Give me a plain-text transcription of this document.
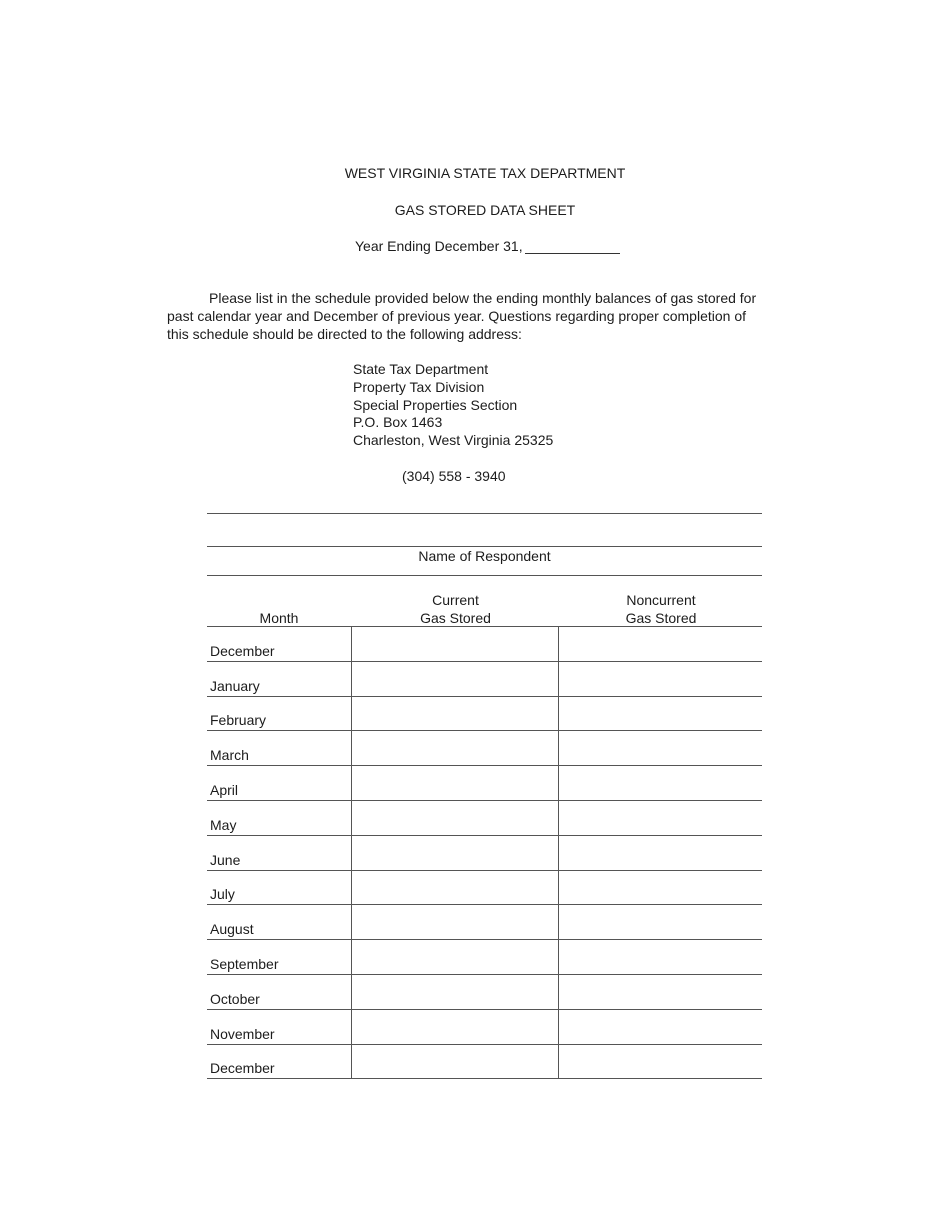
WEST VIRGINIA STATE TAX DEPARTMENT
GAS STORED DATA SHEET
Year Ending December 31,
Please list in the schedule provided below the ending monthly balances of gas stored for past calendar year and December of previous year. Questions regarding proper completion of this schedule should be directed to the following address:
State Tax Department
Property Tax Division
Special Properties Section
P.O. Box 1463
Charleston, West Virginia 25325
(304) 558 - 3940
Name of Respondent
Month
Current
Gas Stored
Noncurrent
Gas Stored
December
January
February
March
April
May
June
July
August
September
October
November
December
